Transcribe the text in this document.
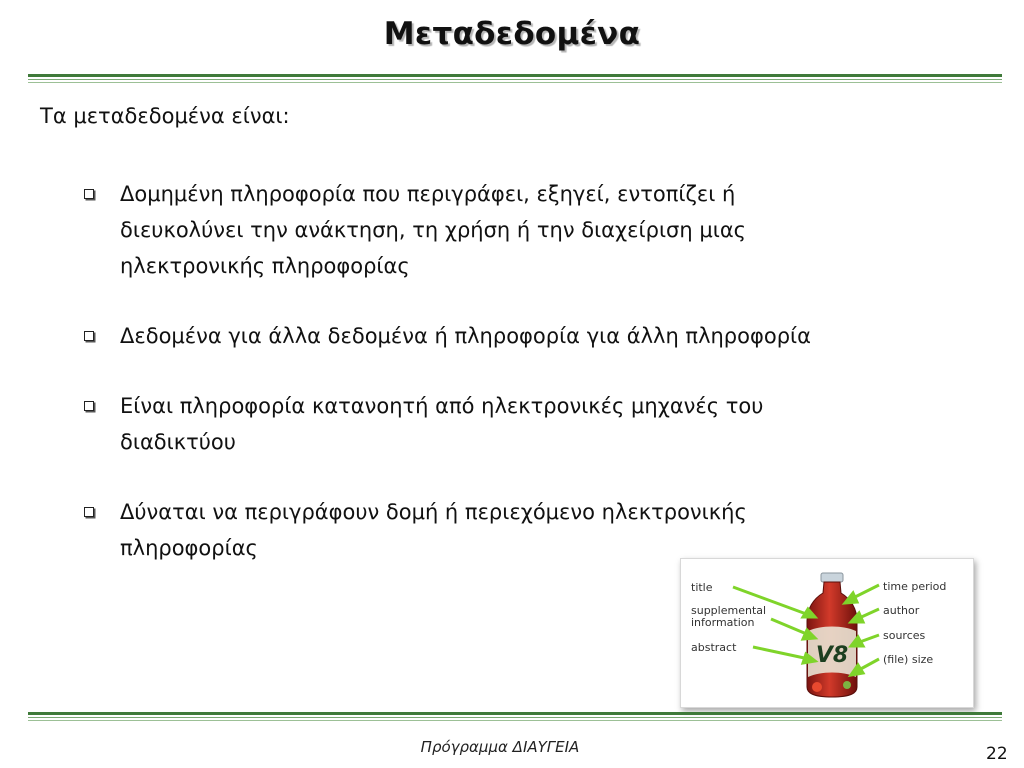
Μεταδεδομένα
Τα μεταδεδομένα είναι:
Δομημένη πληροφορία που περιγράφει, εξηγεί, εντοπίζει ή
διευκολύνει την ανάκτηση, τη χρήση ή την διαχείριση μιας
ηλεκτρονικής πληροφορίας
Δεδομένα για άλλα δεδομένα ή πληροφορία για άλλη πληροφορία
Είναι πληροφορία κατανοητή από ηλεκτρονικές μηχανές του
διαδικτύου
Δύναται να περιγράφουν δομή ή περιεχόμενο ηλεκτρονικής
πληροφορίας
V8
title
supplemental information
abstract
time period
author
sources
(file) size
Πρόγραμμα ΔΙΑΥΓΕΙΑ	22
